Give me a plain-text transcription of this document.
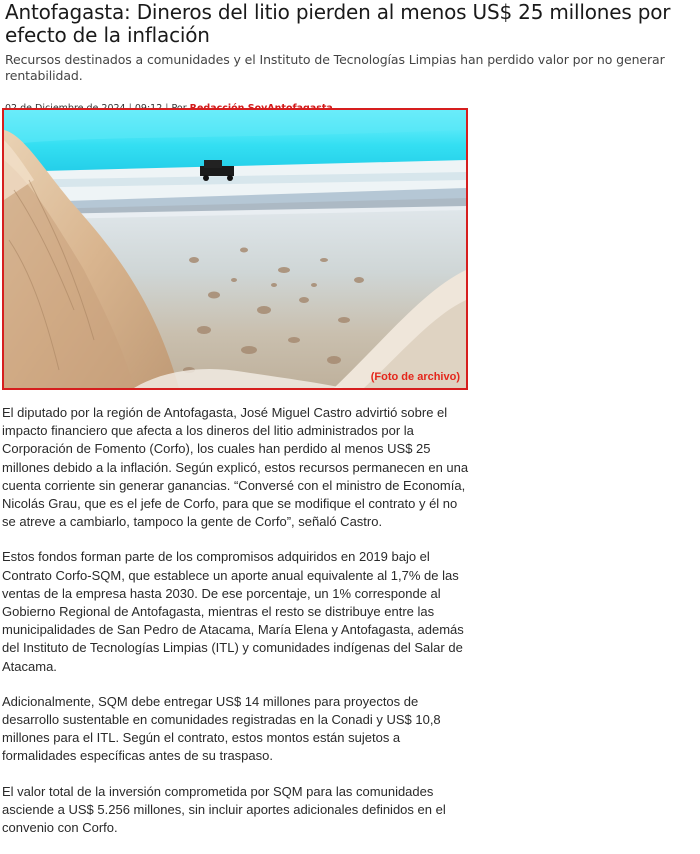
Antofagasta: Dineros del litio pierden al menos US$ 25 millones por efecto de la inflación

Recursos destinados a comunidades y el Instituto de Tecnologías Limpias han perdido valor por no generar rentabilidad.

(Foto de archivo)

El diputado por la región de Antofagasta, José Miguel Castro advirtió sobre el impacto financiero que afecta a los dineros del litio administrados por la Corporación de Fomento (Corfo), los cuales han perdido al menos US$ 25 millones debido a la inflación. Según explicó, estos recursos permanecen en una cuenta corriente sin generar ganancias. “Conversé con el ministro de Economía, Nicolás Grau, que es el jefe de Corfo, para que se modifique el contrato y él no se atreve a cambiarlo, tampoco la gente de Corfo”, señaló Castro.

Estos fondos forman parte de los compromisos adquiridos en 2019 bajo el Contrato Corfo-SQM, que establece un aporte anual equivalente al 1,7% de las ventas de la empresa hasta 2030. De ese porcentaje, un 1% corresponde al Gobierno Regional de Antofagasta, mientras el resto se distribuye entre las municipalidades de San Pedro de Atacama, María Elena y Antofagasta, además del Instituto de Tecnologías Limpias (ITL) y comunidades indígenas del Salar de Atacama.

Adicionalmente, SQM debe entregar US$ 14 millones para proyectos de desarrollo sustentable en comunidades registradas en la Conadi y US$ 10,8 millones para el ITL. Según el contrato, estos montos están sujetos a formalidades específicas antes de su traspaso.

El valor total de la inversión comprometida por SQM para las comunidades asciende a US$ 5.256 millones, sin incluir aportes adicionales definidos en el convenio con Corfo.
